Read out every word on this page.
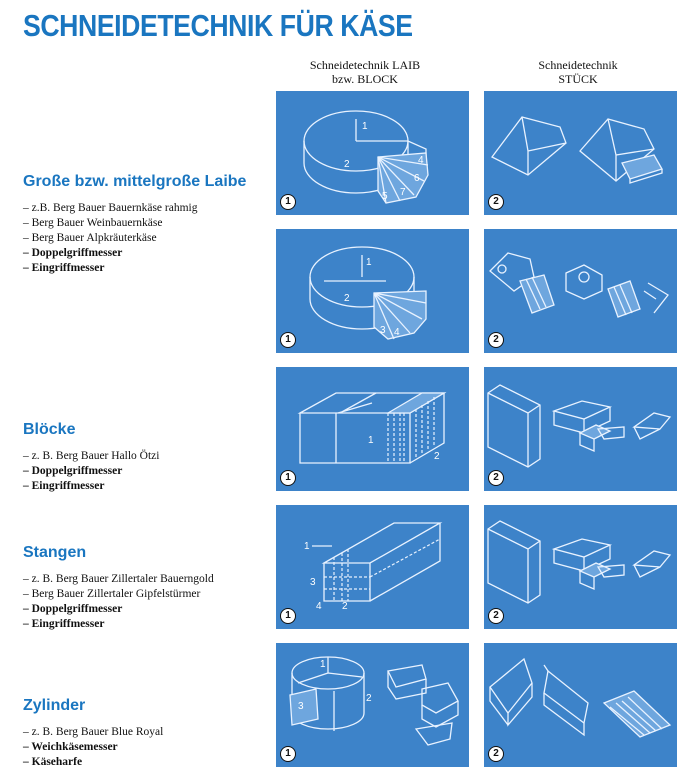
SCHNEIDETECHNIK FÜR KÄSE
Schneidetechnik LAIB
bzw. BLOCK
Schneidetechnik
STÜCK
Große bzw. mittelgroße Laibe
– z.B. Berg Bauer Bauernkäse rahmig
– Berg Bauer Weinbauernkäse
– Berg Bauer Alpkräuterkäse
– Doppelgriffmesser
– Eingriffmesser
Blöcke
– z. B. Berg Bauer Hallo Ötzi
– Doppelgriffmesser
– Eingriffmesser
Stangen
– z. B. Berg Bauer Zillertaler Bauerngold
– Berg Bauer Zillertaler Gipfelstürmer
– Doppelgriffmesser
– Eingriffmesser
Zylinder
– z. B. Berg Bauer Blue Royal
– Weichkäsemesser
– Käseharfe
1
2	4
6
7
5
1	2
1
2
3 4
1	2
1
2
1	2
1
3
4 2
1	2
1
2
3
1	2
